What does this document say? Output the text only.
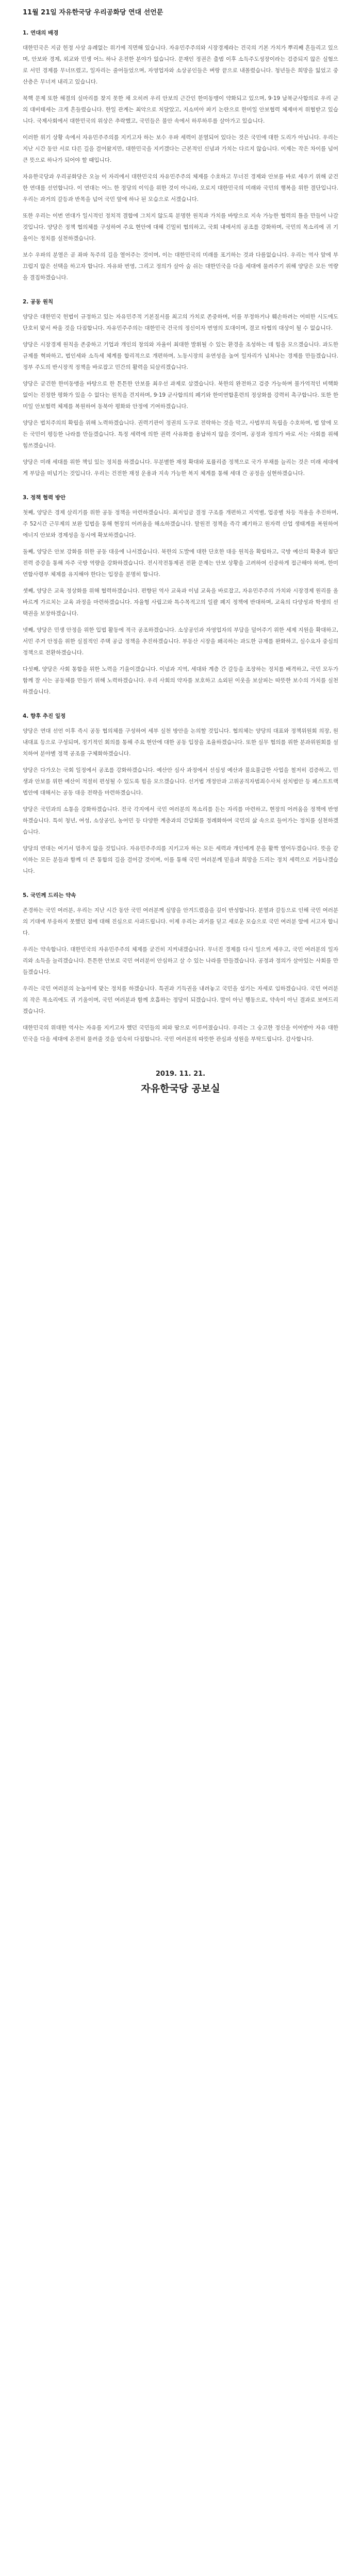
11월 21일 자유한국당 우리공화당 연대 선언문
1. 연대의 배경

대한민국은 지금 헌정 사상 유례없는 위기에 직면해 있습니다. 자유민주주의와 시장경제라는 건국의 기본 가치가 뿌리째 흔들리고 있으며, 안보와 경제, 외교와 민생 어느 하나 온전한 분야가 없습니다. 문재인 정권은 출범 이후 소득주도성장이라는 검증되지 않은 실험으로 서민 경제를 무너뜨렸고, 일자리는 줄어들었으며, 자영업자와 소상공인들은 벼랑 끝으로 내몰렸습니다. 청년들은 희망을 잃었고 중산층은 무너져 내리고 있습니다.

북핵 문제 또한 해결의 실마리를 찾지 못한 채 오히려 우리 안보의 근간인 한미동맹이 약화되고 있으며, 9·19 남북군사합의로 우리 군의 대비태세는 크게 흔들렸습니다. 한일 관계는 최악으로 치달았고, 지소미아 파기 논란으로 한미일 안보협력 체제마저 위협받고 있습니다. 국제사회에서 대한민국의 위상은 추락했고, 국민들은 불안 속에서 하루하루를 살아가고 있습니다.

이러한 위기 상황 속에서 자유민주주의를 지키고자 하는 보수 우파 세력이 분열되어 있다는 것은 국민에 대한 도리가 아닙니다. 우리는 지난 시간 동안 서로 다른 길을 걸어왔지만, 대한민국을 지키겠다는 근본적인 신념과 가치는 다르지 않습니다. 이제는 작은 차이를 넘어 큰 뜻으로 하나가 되어야 할 때입니다.

자유한국당과 우리공화당은 오늘 이 자리에서 대한민국의 자유민주주의 체제를 수호하고 무너진 경제와 안보를 바로 세우기 위해 굳건한 연대를 선언합니다. 이 연대는 어느 한 정당의 이익을 위한 것이 아니라, 오로지 대한민국의 미래와 국민의 행복을 위한 결단입니다. 우리는 과거의 갈등과 반목을 넘어 국민 앞에 하나 된 모습으로 서겠습니다.

또한 우리는 이번 연대가 일시적인 정치적 결합에 그치지 않도록 분명한 원칙과 가치를 바탕으로 지속 가능한 협력의 틀을 만들어 나갈 것입니다. 양당은 정책 협의체를 구성하여 주요 현안에 대해 긴밀히 협의하고, 국회 내에서의 공조를 강화하며, 국민의 목소리에 귀 기울이는 정치를 실천하겠습니다.

보수 우파의 분열은 곧 좌파 독주의 길을 열어주는 것이며, 이는 대한민국의 미래를 포기하는 것과 다름없습니다. 우리는 역사 앞에 부끄럽지 않은 선택을 하고자 합니다. 자유와 번영, 그리고 정의가 살아 숨 쉬는 대한민국을 다음 세대에 물려주기 위해 양당은 모든 역량을 결집하겠습니다.

2. 공동 원칙

양당은 대한민국 헌법이 규정하고 있는 자유민주적 기본질서를 최고의 가치로 존중하며, 이를 부정하거나 훼손하려는 어떠한 시도에도 단호히 맞서 싸울 것을 다짐합니다. 자유민주주의는 대한민국 건국의 정신이자 번영의 토대이며, 결코 타협의 대상이 될 수 없습니다.

양당은 시장경제 원칙을 존중하고 기업과 개인의 창의와 자율이 최대한 발휘될 수 있는 환경을 조성하는 데 힘을 모으겠습니다. 과도한 규제를 혁파하고, 법인세와 소득세 체계를 합리적으로 개편하며, 노동시장의 유연성을 높여 일자리가 넘쳐나는 경제를 만들겠습니다. 정부 주도의 반시장적 정책을 바로잡고 민간의 활력을 되살리겠습니다.

양당은 굳건한 한미동맹을 바탕으로 한 튼튼한 안보를 최우선 과제로 삼겠습니다. 북한의 완전하고 검증 가능하며 불가역적인 비핵화 없이는 진정한 평화가 있을 수 없다는 원칙을 견지하며, 9·19 군사합의의 폐기와 한미연합훈련의 정상화를 강력히 촉구합니다. 또한 한미일 안보협력 체제를 복원하여 동북아 평화와 안정에 기여하겠습니다.

양당은 법치주의의 확립을 위해 노력하겠습니다. 권력기관이 정권의 도구로 전락하는 것을 막고, 사법부의 독립을 수호하며, 법 앞에 모든 국민이 평등한 나라를 만들겠습니다. 특정 세력에 의한 권력 사유화를 용납하지 않을 것이며, 공정과 정의가 바로 서는 사회를 위해 힘쓰겠습니다.

양당은 미래 세대를 위한 책임 있는 정치를 하겠습니다. 무분별한 재정 확대와 포퓰리즘 정책으로 국가 부채를 늘리는 것은 미래 세대에게 부담을 떠넘기는 것입니다. 우리는 건전한 재정 운용과 지속 가능한 복지 체계를 통해 세대 간 공정을 실현하겠습니다.

3. 정책 협력 방안

첫째, 양당은 경제 살리기를 위한 공동 정책을 마련하겠습니다. 최저임금 결정 구조를 개편하고 지역별, 업종별 차등 적용을 추진하며, 주 52시간 근무제의 보완 입법을 통해 현장의 어려움을 해소하겠습니다. 탈원전 정책을 즉각 폐기하고 원자력 산업 생태계를 복원하여 에너지 안보와 경제성을 동시에 확보하겠습니다.

둘째, 양당은 안보 강화를 위한 공동 대응에 나서겠습니다. 북한의 도발에 대한 단호한 대응 원칙을 확립하고, 국방 예산의 확충과 첨단 전력 증강을 통해 자주 국방 역량을 강화하겠습니다. 전시작전통제권 전환 문제는 안보 상황을 고려하여 신중하게 접근해야 하며, 한미연합사령부 체제를 유지해야 한다는 입장을 분명히 합니다.

셋째, 양당은 교육 정상화를 위해 협력하겠습니다. 편향된 역사 교육과 이념 교육을 바로잡고, 자유민주주의 가치와 시장경제 원리를 올바르게 가르치는 교육 과정을 마련하겠습니다. 자율형 사립고와 특수목적고의 일괄 폐지 정책에 반대하며, 교육의 다양성과 학생의 선택권을 보장하겠습니다.

넷째, 양당은 민생 안정을 위한 입법 활동에 적극 공조하겠습니다. 소상공인과 자영업자의 부담을 덜어주기 위한 세제 지원을 확대하고, 서민 주거 안정을 위한 실질적인 주택 공급 정책을 추진하겠습니다. 부동산 시장을 왜곡하는 과도한 규제를 완화하고, 실수요자 중심의 정책으로 전환하겠습니다.

다섯째, 양당은 사회 통합을 위한 노력을 기울이겠습니다. 이념과 지역, 세대와 계층 간 갈등을 조장하는 정치를 배격하고, 국민 모두가 함께 잘 사는 공동체를 만들기 위해 노력하겠습니다. 우리 사회의 약자를 보호하고 소외된 이웃을 보살피는 따뜻한 보수의 가치를 실천하겠습니다.

4. 향후 추진 일정

양당은 연대 선언 이후 즉시 공동 협의체를 구성하여 세부 실천 방안을 논의할 것입니다. 협의체는 양당의 대표와 정책위원회 의장, 원내대표 등으로 구성되며, 정기적인 회의를 통해 주요 현안에 대한 공동 입장을 조율하겠습니다. 또한 실무 협의를 위한 분과위원회를 설치하여 분야별 정책 공조를 구체화하겠습니다.

양당은 다가오는 국회 일정에서 공조를 강화하겠습니다. 예산안 심사 과정에서 선심성 예산과 불요불급한 사업을 철저히 검증하고, 민생과 안보를 위한 예산이 적절히 편성될 수 있도록 힘을 모으겠습니다. 선거법 개정안과 고위공직자범죄수사처 설치법안 등 패스트트랙 법안에 대해서는 공동 대응 전략을 마련하겠습니다.

양당은 국민과의 소통을 강화하겠습니다. 전국 각지에서 국민 여러분의 목소리를 듣는 자리를 마련하고, 현장의 어려움을 정책에 반영하겠습니다. 특히 청년, 여성, 소상공인, 농어민 등 다양한 계층과의 간담회를 정례화하여 국민의 삶 속으로 들어가는 정치를 실천하겠습니다.

양당의 연대는 여기서 멈추지 않을 것입니다. 자유민주주의를 지키고자 하는 모든 세력과 개인에게 문을 활짝 열어두겠습니다. 뜻을 같이하는 모든 분들과 함께 더 큰 통합의 길을 걸어갈 것이며, 이를 통해 국민 여러분께 믿음과 희망을 드리는 정치 세력으로 거듭나겠습니다.

5. 국민께 드리는 약속

존경하는 국민 여러분, 우리는 지난 시간 동안 국민 여러분께 실망을 안겨드렸음을 깊이 반성합니다. 분열과 갈등으로 인해 국민 여러분의 기대에 부응하지 못했던 점에 대해 진심으로 사과드립니다. 이제 우리는 과거를 딛고 새로운 모습으로 국민 여러분 앞에 서고자 합니다.

우리는 약속합니다. 대한민국의 자유민주주의 체제를 굳건히 지켜내겠습니다. 무너진 경제를 다시 일으켜 세우고, 국민 여러분의 일자리와 소득을 늘리겠습니다. 튼튼한 안보로 국민 여러분이 안심하고 살 수 있는 나라를 만들겠습니다. 공정과 정의가 살아있는 사회를 만들겠습니다.

우리는 국민 여러분의 눈높이에 맞는 정치를 하겠습니다. 특권과 기득권을 내려놓고 국민을 섬기는 자세로 임하겠습니다. 국민 여러분의 작은 목소리에도 귀 기울이며, 국민 여러분과 함께 호흡하는 정당이 되겠습니다. 말이 아닌 행동으로, 약속이 아닌 결과로 보여드리겠습니다.

대한민국의 위대한 역사는 자유를 지키고자 했던 국민들의 피와 땀으로 이루어졌습니다. 우리는 그 숭고한 정신을 이어받아 자유 대한민국을 다음 세대에 온전히 물려줄 것을 엄숙히 다짐합니다. 국민 여러분의 따뜻한 관심과 성원을 부탁드립니다. 감사합니다.

2019. 11. 21.
자유한국당 공보실
